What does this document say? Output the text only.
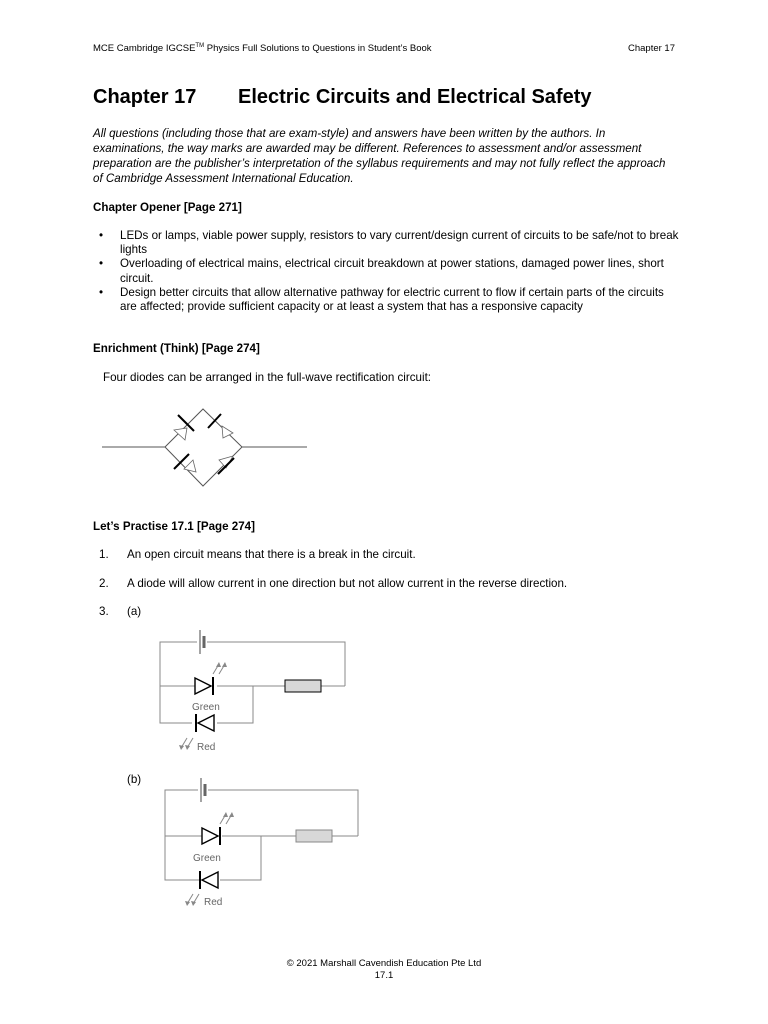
MCE Cambridge IGCSE™ Physics Full Solutions to Questions in Student’s Book	Chapter 17
Chapter 17 Electric Circuits and Electrical Safety
All questions (including those that are exam-style) and answers have been written by the authors. In examinations, the way marks are awarded may be different. References to assessment and/or assessment preparation are the publisher’s interpretation of the syllabus requirements and may not fully reflect the approach of Cambridge Assessment International Education.
Chapter Opener [Page 271]
• LEDs or lamps, viable power supply, resistors to vary current/design current of circuits to be safe/not to break lights
• Overloading of electrical mains, electrical circuit breakdown at power stations, damaged power lines, short circuit.
• Design better circuits that allow alternative pathway for electric current to flow if certain parts of the circuits are affected; provide sufficient capacity or at least a system that has a responsive capacity
Enrichment (Think) [Page 274]
Four diodes can be arranged in the full-wave rectification circuit:
Let’s Practise 17.1 [Page 274]
1. An open circuit means that there is a break in the circuit.
2. A diode will allow current in one direction but not allow current in the reverse direction.
3. (a)
Green
Red
(b)
Green
Red
© 2021 Marshall Cavendish Education Pte Ltd
17.1
